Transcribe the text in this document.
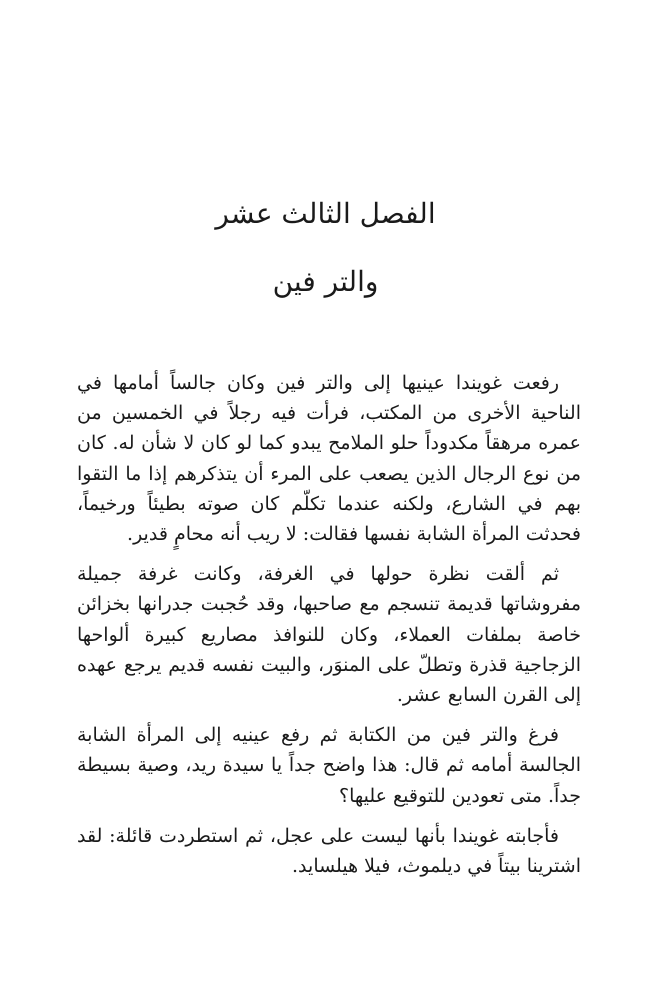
الفصل الثالث عشر
والتر فين

رفعت غويندا عينيها إلى والتر فين وكان جالساً أمامها في الناحية الأخرى من المكتب، فرأت فيه رجلاً في الخمسين من عمره مرهقاً مكدوداً حلو الملامح يبدو كما لو كان لا شأن له. كان من نوع الرجال الذين يصعب على المرء أن يتذكرهم إذا ما التقوا بهم في الشارع، ولكنه عندما تكلّم كان صوته بطيئاً ورخيماً، فحدثت المرأة الشابة نفسها فقالت: لا ريب أنه محامٍ قدير.

ثم ألقت نظرة حولها في الغرفة، وكانت غرفة جميلة مفروشاتها قديمة تنسجم مع صاحبها، وقد حُجبت جدرانها بخزائن خاصة بملفات العملاء، وكان للنوافذ مصاريع كبيرة ألواحها الزجاجية قذرة وتطلّ على المنوَر، والبيت نفسه قديم يرجع عهده إلى القرن السابع عشر.

فرغ والتر فين من الكتابة ثم رفع عينيه إلى المرأة الشابة الجالسة أمامه ثم قال: هذا واضح جداً يا سيدة ريد، وصية بسيطة جداً. متى تعودين للتوقيع عليها؟

فأجابته غويندا بأنها ليست على عجل، ثم استطردت قائلة: لقد اشترينا بيتاً في ديلموث، فيلا هيلسايد.
